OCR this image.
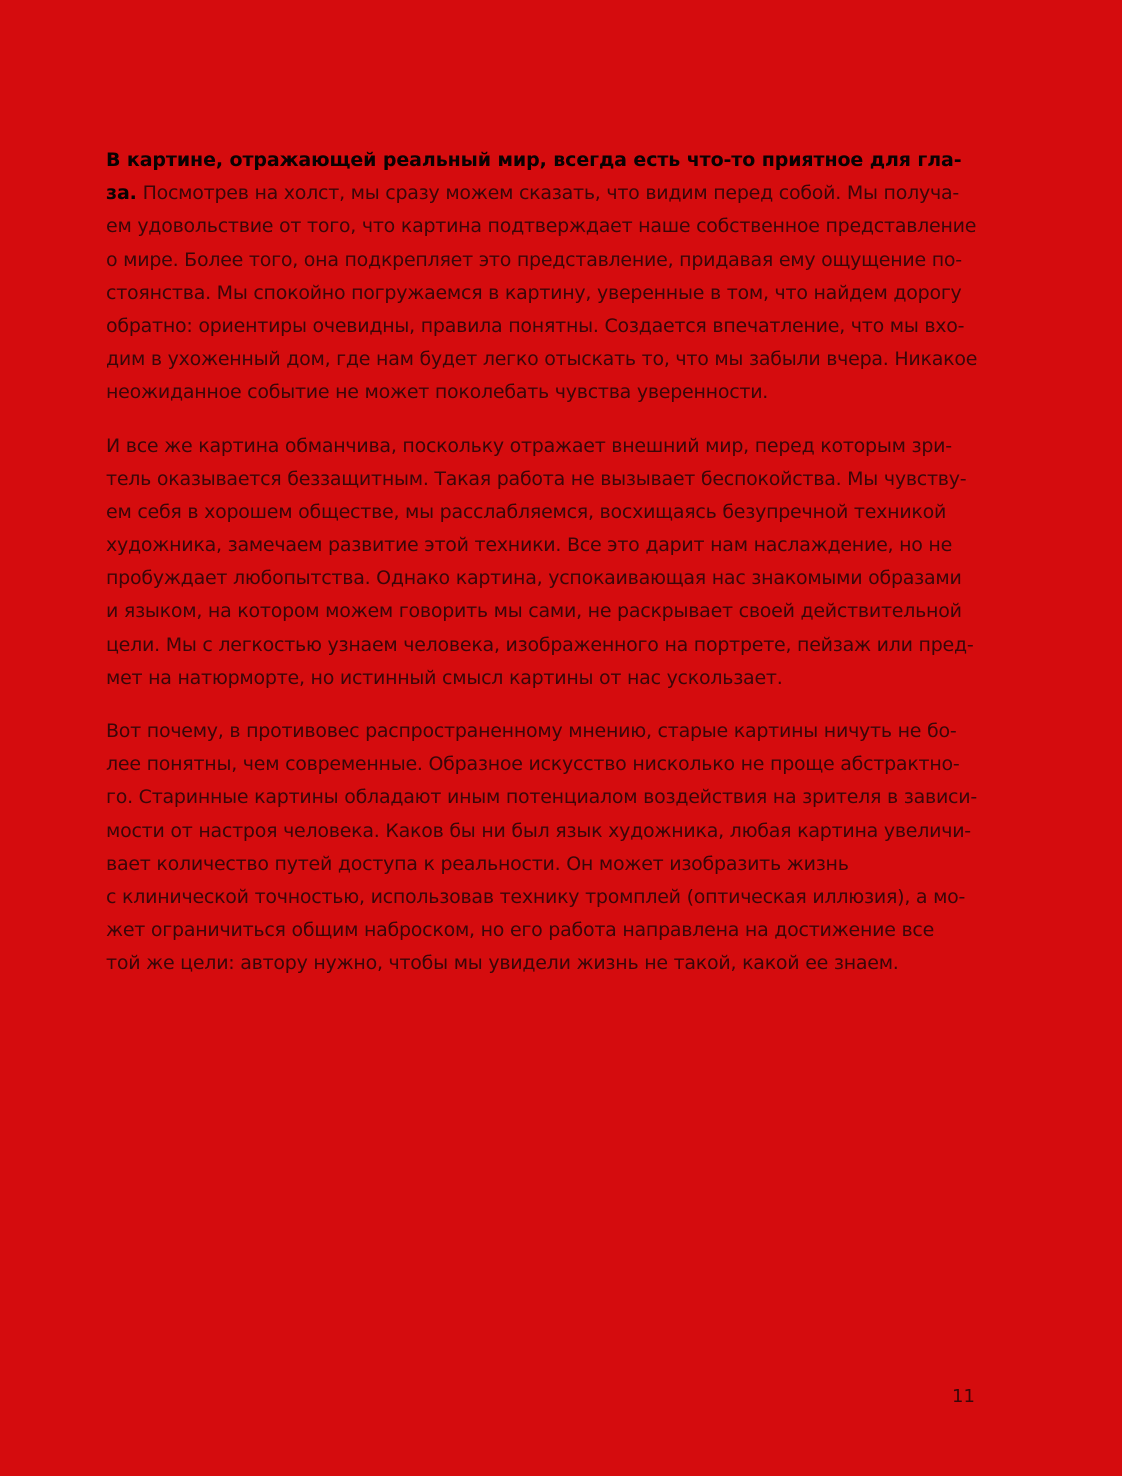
В картине, отражающей реальный мир, всегда есть что-то приятное для гла-
за. Посмотрев на холст, мы сразу можем сказать, что видим перед собой. Мы получа-
ем удовольствие от того, что картина подтверждает наше собственное представление
о мире. Более того, она подкрепляет это представление, придавая ему ощущение по-
стоянства. Мы спокойно погружаемся в картину, уверенные в том, что найдем дорогу
обратно: ориентиры очевидны, правила понятны. Создается впечатление, что мы вхо-
дим в ухоженный дом, где нам будет легко отыскать то, что мы забыли вчера. Никакое
неожиданное событие не может поколебать чувства уверенности.
И все же картина обманчива, поскольку отражает внешний мир, перед которым зри-
тель оказывается беззащитным. Такая работа не вызывает беспокойства. Мы чувству-
ем себя в хорошем обществе, мы расслабляемся, восхищаясь безупречной техникой
художника, замечаем развитие этой техники. Все это дарит нам наслаждение, но не
пробуждает любопытства. Однако картина, успокаивающая нас знакомыми образами
и языком, на котором можем говорить мы сами, не раскрывает своей действительной
цели. Мы с легкостью узнаем человека, изображенного на портрете, пейзаж или пред-
мет на натюрморте, но истинный смысл картины от нас ускользает.
Вот почему, в противовес распространенному мнению, старые картины ничуть не бо-
лее понятны, чем современные. Образное искусство нисколько не проще абстрактно-
го. Старинные картины обладают иным потенциалом воздействия на зрителя в зависи-
мости от настроя человека. Каков бы ни был язык художника, любая картина увеличи-
вает количество путей доступа к реальности. Он может изобразить жизнь
с клинической точностью, использовав технику тромплей (оптическая иллюзия), а мо-
жет ограничиться общим наброском, но его работа направлена на достижение все
той же цели: автору нужно, чтобы мы увидели жизнь не такой, какой ее знаем.
11
